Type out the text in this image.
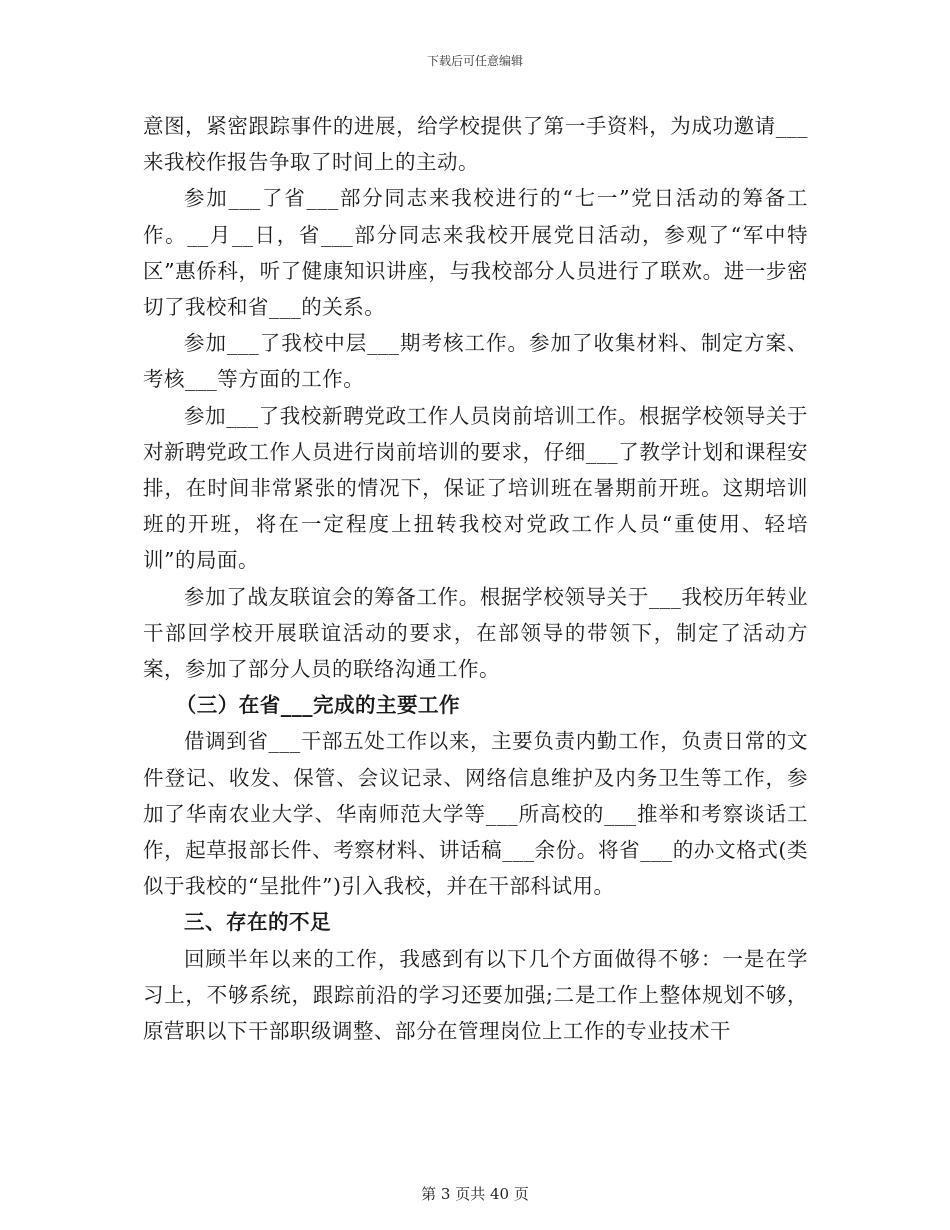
下载后可任意编辑

意图，紧密跟踪事件的进展，给学校提供了第一手资料，为成功邀请___来我校作报告争取了时间上的主动。

参加___了省___部分同志来我校进行的“七一”党日活动的筹备工作。__月__日，省___部分同志来我校开展党日活动，参观了“军中特区”惠侨科，听了健康知识讲座，与我校部分人员进行了联欢。进一步密切了我校和省___的关系。

参加___了我校中层___期考核工作。参加了收集材料、制定方案、考核___等方面的工作。

参加___了我校新聘党政工作人员岗前培训工作。根据学校领导关于对新聘党政工作人员进行岗前培训的要求，仔细___了教学计划和课程安排，在时间非常紧张的情况下，保证了培训班在暑期前开班。这期培训班的开班，将在一定程度上扭转我校对党政工作人员“重使用、轻培训”的局面。

参加了战友联谊会的筹备工作。根据学校领导关于___我校历年转业干部回学校开展联谊活动的要求，在部领导的带领下，制定了活动方案，参加了部分人员的联络沟通工作。

（三）在省___完成的主要工作

借调到省___干部五处工作以来，主要负责内勤工作，负责日常的文件登记、收发、保管、会议记录、网络信息维护及内务卫生等工作，参加了华南农业大学、华南师范大学等___所高校的___推举和考察谈话工作，起草报部长件、考察材料、讲话稿___余份。将省___的办文格式(类似于我校的“呈批件”)引入我校，并在干部科试用。

三、存在的不足

回顾半年以来的工作，我感到有以下几个方面做得不够：一是在学习上，不够系统，跟踪前沿的学习还要加强;二是工作上整体规划不够，原营职以下干部职级调整、部分在管理岗位上工作的专业技术干

第 3 页共 40 页
